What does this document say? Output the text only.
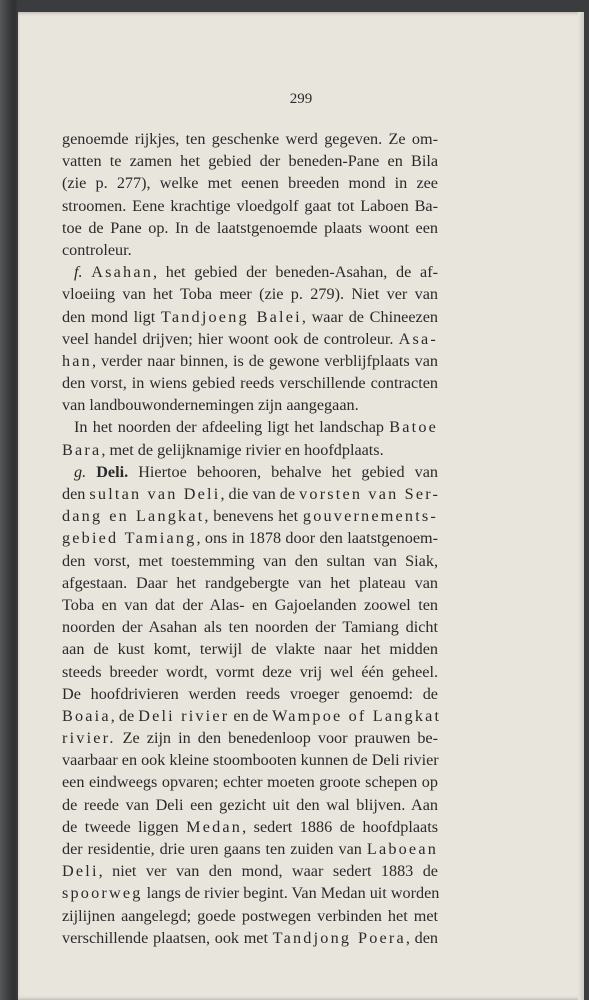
299
genoemde rijkjes, ten geschenke werd gegeven. Ze om-
vatten te zamen het gebied der beneden-Pane en Bila
(zie p. 277), welke met eenen breeden mond in zee
stroomen. Eene krachtige vloedgolf gaat tot Laboen Ba-
toe de Pane op. In de laatstgenoemde plaats woont een
controleur.
f. Asahan, het gebied der beneden-Asahan, de af-
vloeiing van het Toba meer (zie p. 279). Niet ver van
den mond ligt Tandjoeng Balei, waar de Chineezen
veel handel drijven; hier woont ook de controleur. Asa-
han, verder naar binnen, is de gewone verblijfplaats van
den vorst, in wiens gebied reeds verschillende contracten
van landbouwondernemingen zijn aangegaan.
In het noorden der afdeeling ligt het landschap Batoe
Bara, met de gelijknamige rivier en hoofdplaats.
g. Deli. Hiertoe behooren, behalve het gebied van
den sultan van Deli, die van de vorsten van Ser-
dang en Langkat, benevens het gouvernements-
gebied Tamiang, ons in 1878 door den laatstgenoem-
den vorst, met toestemming van den sultan van Siak,
afgestaan. Daar het randgebergte van het plateau van
Toba en van dat der Alas- en Gajoelanden zoowel ten
noorden der Asahan als ten noorden der Tamiang dicht
aan de kust komt, terwijl de vlakte naar het midden
steeds breeder wordt, vormt deze vrij wel één geheel.
De hoofdrivieren werden reeds vroeger genoemd: de
Boaia, de Deli rivier en de Wampoe of Langkat
rivier. Ze zijn in den benedenloop voor prauwen be-
vaarbaar en ook kleine stoombooten kunnen de Deli rivier
een eindweegs opvaren; echter moeten groote schepen op
de reede van Deli een gezicht uit den wal blijven. Aan
de tweede liggen Medan, sedert 1886 de hoofdplaats
der residentie, drie uren gaans ten zuiden van Laboean
Deli, niet ver van den mond, waar sedert 1883 de
spoorweg langs de rivier begint. Van Medan uit worden
zijlijnen aangelegd; goede postwegen verbinden het met
verschillende plaatsen, ook met Tandjong Poera, den
